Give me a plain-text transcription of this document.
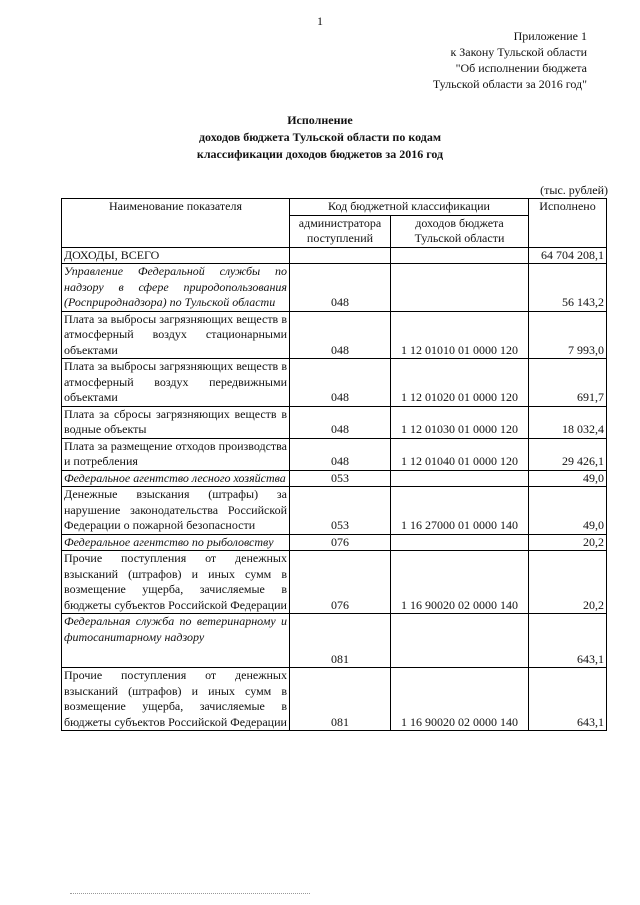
1
Приложение 1
к Закону Тульской области
"Об исполнении бюджета
Тульской области за 2016 год"
Исполнение
доходов бюджета Тульской области по кодам
классификации доходов бюджетов за 2016 год
(тыс. рублей)
Наименование показателя	Код бюджетной классификации		Исполнено
	администратора поступлений	доходов бюджета Тульской области	
ДОХОДЫ, ВСЕГО			64 704 208,1
Управление Федеральной службы по надзору в сфере природопользования (Росприроднадзора) по Тульской области	048		56 143,2
Плата за выбросы загрязняющих веществ в атмосферный воздух стационарными объектами	048	1 12 01010 01 0000 120	7 993,0
Плата за выбросы загрязняющих веществ в атмосферный воздух передвижными объектами	048	1 12 01020 01 0000 120	691,7
Плата за сбросы загрязняющих веществ в водные объекты	048	1 12 01030 01 0000 120	18 032,4
Плата за размещение отходов производства и потребления	048	1 12 01040 01 0000 120	29 426,1
Федеральное агентство лесного хозяйства	053		49,0
Денежные взыскания (штрафы) за нарушение законодательства Российской Федерации о пожарной безопасности	053	1 16 27000 01 0000 140	49,0
Федеральное агентство по рыболовству	076		20,2
Прочие поступления от денежных взысканий (штрафов) и иных сумм в возмещение ущерба, зачисляемые в бюджеты субъектов Российской Федерации	076	1 16 90020 02 0000 140	20,2
Федеральная служба по ветеринарному и фитосанитарному надзору	081		643,1
Прочие поступления от денежных взысканий (штрафов) и иных сумм в возмещение ущерба, зачисляемые в бюджеты субъектов Российской Федерации	081	1 16 90020 02 0000 140	643,1
